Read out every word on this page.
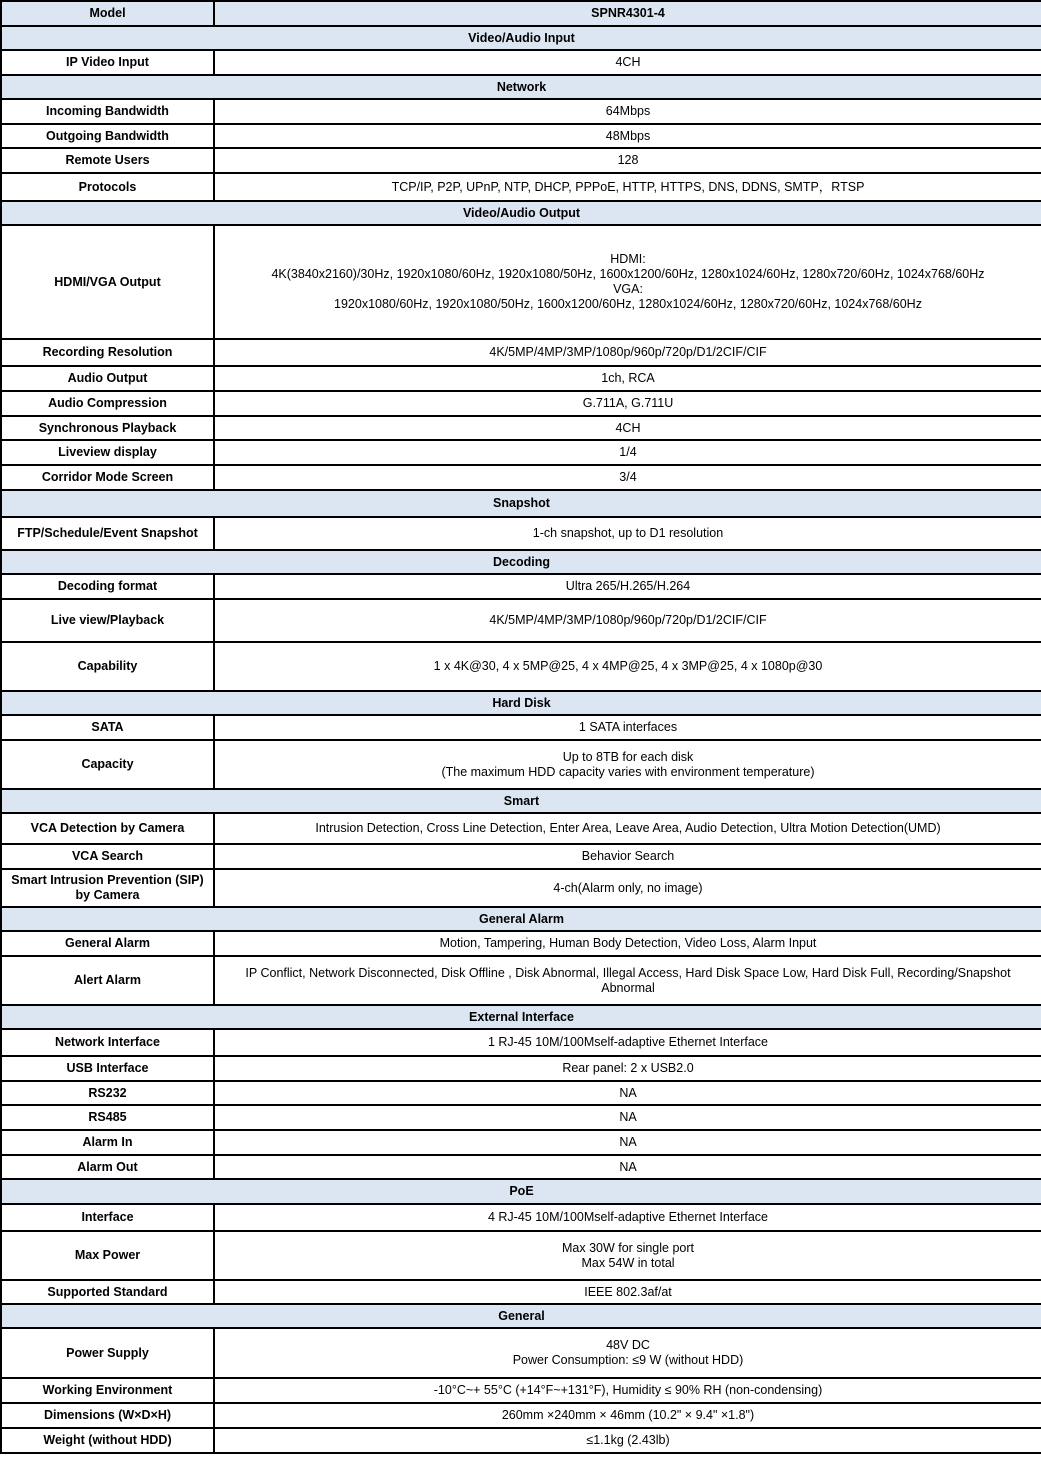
Model	SPNR4301-4
Video/Audio Input	
IP Video Input	4CH

Network	
Incoming Bandwidth	64Mbps

Outgoing Bandwidth	48Mbps

Remote Users	128

Protocols	TCP/IP, P2P, UPnP, NTP, DHCP, PPPoE, HTTP, HTTPS, DNS, DDNS, SMTP，RTSP

Video/Audio Output	
HDMI/VGA Output	HDMI:
4K(3840x2160)/30Hz, 1920x1080/60Hz, 1920x1080/50Hz, 1600x1200/60Hz, 1280x1024/60Hz, 1280x720/60Hz, 1024x768/60Hz
VGA:
1920x1080/60Hz, 1920x1080/50Hz, 1600x1200/60Hz, 1280x1024/60Hz, 1280x720/60Hz, 1024x768/60Hz

Recording Resolution	4K/5MP/4MP/3MP/1080p/960p/720p/D1/2CIF/CIF

Audio Output	1ch, RCA

Audio Compression	G.711A, G.711U

Synchronous Playback	4CH

Liveview display	1/4

Corridor Mode Screen	3/4

Snapshot	
FTP/Schedule/Event Snapshot	1-ch snapshot, up to D1 resolution

Decoding	
Decoding format	Ultra 265/H.265/H.264

Live view/Playback	4K/5MP/4MP/3MP/1080p/960p/720p/D1/2CIF/CIF

Capability	1 x 4K@30, 4 x 5MP@25, 4 x 4MP@25, 4 x 3MP@25, 4 x 1080p@30

Hard Disk	
SATA	1 SATA interfaces

Capacity	Up to 8TB for each disk
(The maximum HDD capacity varies with environment temperature)

Smart	
VCA Detection by Camera	Intrusion Detection, Cross Line Detection, Enter Area, Leave Area, Audio Detection, Ultra Motion Detection(UMD)

VCA Search	Behavior Search

Smart Intrusion Prevention (SIP)
by Camera	4-ch(Alarm only, no image)

General Alarm	
General Alarm	Motion, Tampering, Human Body Detection, Video Loss, Alarm Input

Alert Alarm	IP Conflict, Network Disconnected, Disk Offline , Disk Abnormal, Illegal Access, Hard Disk Space Low, Hard Disk Full, Recording/Snapshot
Abnormal

External Interface	
Network Interface	1 RJ-45 10M/100Mself-adaptive Ethernet Interface

USB Interface	Rear panel: 2 x USB2.0

RS232	NA

RS485	NA

Alarm In	NA

Alarm Out	NA

PoE	
Interface	4 RJ-45 10M/100Mself-adaptive Ethernet Interface

Max Power	Max 30W for single port
Max 54W in total

Supported Standard	IEEE 802.3af/at

General	
Power Supply	48V DC
Power Consumption: ≤9 W (without HDD)

Working Environment	-10°C~+ 55°C (+14°F~+131°F), Humidity ≤ 90% RH (non-condensing)

Dimensions (W×D×H)	260mm ×240mm × 46mm (10.2" × 9.4" ×1.8")

Weight (without HDD)	≤1.1kg (2.43lb)
